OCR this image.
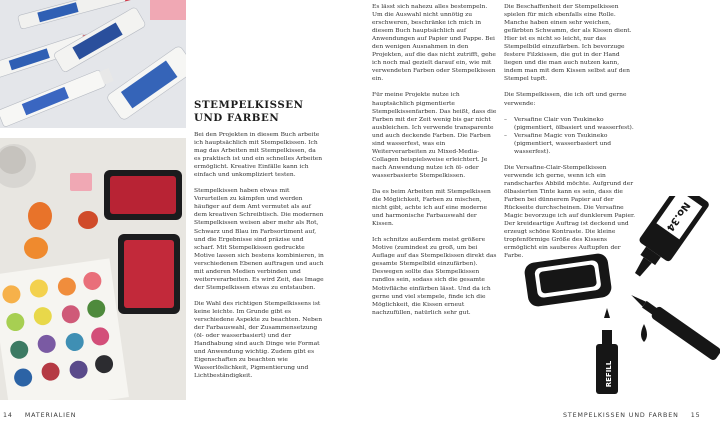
STEMPELKISSEN
UND FARBEN

Bei den Projekten in diesem Buch arbeite ich hauptsächlich mit Stempelkissen. Ich mag das Arbeiten mit Stempelkissen, da es praktisch ist und ein schnelles Arbeiten ermöglicht. Kreative Einfälle kann ich einfach und unkompliziert testen.

Stempelkissen haben etwas mit Vorurteilen zu kämpfen und werden häufiger auf dem Amt vermutet als auf dem kreativen Schreibtisch. Die modernen Stempelkissen weisen aber mehr als Rot, Schwarz und Blau im Farbsortiment auf, und die Ergebnisse sind präzise und scharf. Mit Stempelkissen gedruckte Motive lassen sich bestens kombinieren, in verschiedenen Ebenen auftragen und auch mit anderen Medien verbinden und weiterverarbeiten. Es wird Zeit, das Image der Stempelkissen etwas zu entstauben.

Die Wahl des richtigen Stempelkissens ist keine leichte. Im Grunde gibt es verschiedene Aspekte zu beachten. Neben der Farbauswahl, der Zusammensetzung (öl- oder wasserbasiert) und der Handhabung sind auch Dinge wie Format und Anwendung wichtig. Zudem gibt es Eigenschaften zu beachten wie Wasserlöslichkeit, Pigmentierung und Lichtbeständigkeit.

14 MATERIALIEN

Es lässt sich nahezu alles bestempeln. Um die Auswahl nicht unnötig zu erschweren, beschränke ich mich in diesem Buch hauptsächlich auf Anwendungen auf Papier und Pappe. Bei den wenigen Ausnahmen in den Projekten, auf die das nicht zutrifft, gehe ich noch mal gezielt darauf ein, wie mit verwendeten Farben oder Stempelkissen ein.

Für meine Projekte nutze ich hauptsächlich pigmentierte Stempelkissenfarben. Das heißt, dass die Farben mit der Zeit wenig bis gar nicht ausbleichen. Ich verwende transparente und auch deckende Farben. Die Farben sind wasserfest, was ein Weiterverarbeiten zu Mixed-Media-Collagen beispielsweise erleichtert. Je nach Anwendung nutze ich öl- oder wasserbasierte Stempelkissen.

Da es beim Arbeiten mit Stempelkissen die Möglichkeit, Farben zu mischen, nicht gibt, achte ich auf eine moderne und harmonische Farbauswahl der Kissen.

Ich schnitze außerdem meist größere Motive (zumindest zu groß, um bei Auflage auf das Stempelkissen direkt das gesamte Stempelbild einzufärben). Deswegen sollte das Stempelkissen randlos sein, sodass sich die gesamte Motivfläche einfärben lässt. Und da ich gerne und viel stempele, finde ich die Möglichkeit, die Kissen erneut nachzufüllen, natürlich sehr gut.

Die Beschaffenheit der Stempelkissen spielen für mich ebenfalls eine Rolle. Manche haben einen sehr weichen, gefärbten Schwamm, der als Kissen dient. Hier ist es nicht so leicht, nur das Stempelbild einzufärben. Ich bevorzuge festere Filzkissen, die gut in der Hand liegen und die man auch nutzen kann, indem man mit dem Kissen selbst auf den Stempel tupft.

Die Stempelkissen, die ich oft und gerne verwende:

–	Versafine Clair von Tsukineko (pigmentiert, ölbasiert und wasserfest).
–	Versafine Magic von Tsukineko (pigmentiert, wasserbasiert und wasserfest).

Die Versafine-Clair-Stempelkissen verwende ich gerne, wenn ich ein randscharfes Abbild möchte. Aufgrund der ölbasierten Tinte kann es sein, dass die Farben bei dünnerem Papier auf der Rückseite durchscheinen. Die Versafine Magic bevorzuge ich auf dunklerem Papier. Der kreideartige Auftrag ist deckend und erzeugt schöne Kontraste. Die kleine tropfenförmige Größe des Kissens ermöglicht ein sauberes Auftupfen der Farbe.

No.34
REFILL
STEMPELKISSEN UND FARBEN 15
